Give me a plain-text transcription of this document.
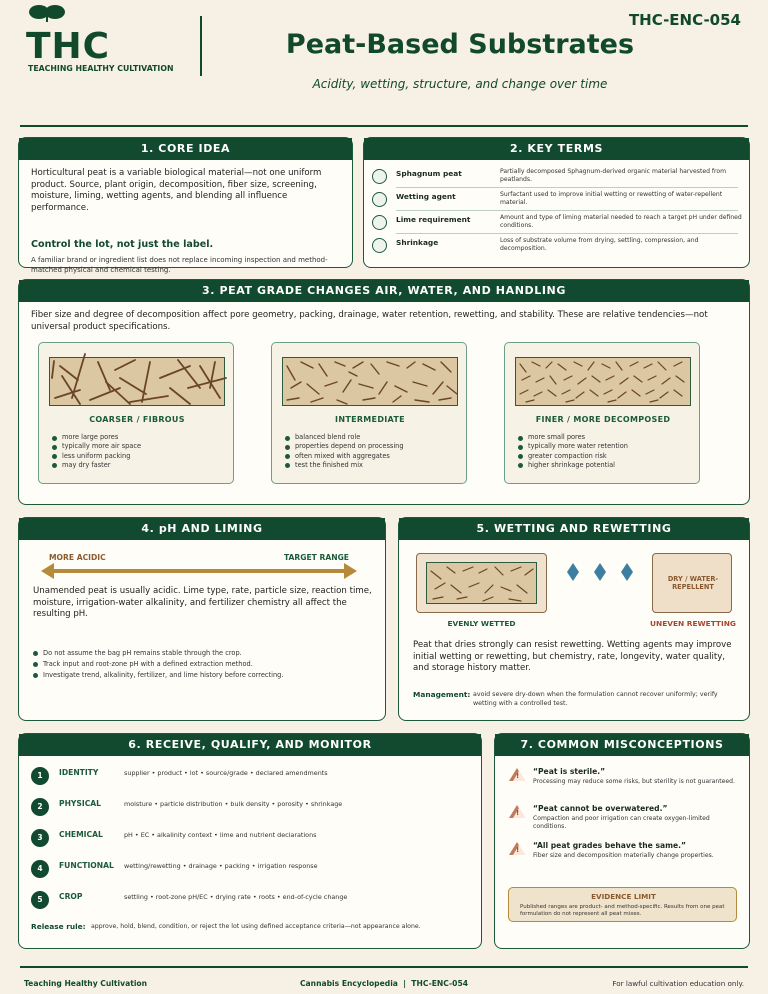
THC
TEACHING HEALTHY CULTIVATION
THC-ENC-054
Peat-Based Substrates
Acidity, wetting, structure, and change over time
1. CORE IDEA
Horticultural peat is a variable biological material—not one uniform product. Source, plant origin, decomposition, fiber size, screening, moisture, liming, wetting agents, and blending all influence performance.
Control the lot, not just the label.
A familiar brand or ingredient list does not replace incoming inspection and method-matched physical and chemical testing.
2. KEY TERMS
Sphagnum peat	Partially decomposed Sphagnum-derived organic material harvested from peatlands.
Wetting agent	Surfactant used to improve initial wetting or rewetting of water-repellent material.
Lime requirement	Amount and type of liming material needed to reach a target pH under defined conditions.
Shrinkage	Loss of substrate volume from drying, settling, compression, and decomposition.
3. PEAT GRADE CHANGES AIR, WATER, AND HANDLING
Fiber size and degree of decomposition affect pore geometry, packing, drainage, water retention, rewetting, and stability. These are relative tendencies—not universal product specifications.
COARSER / FIBROUS
more large pores
typically more air space
less uniform packing
may dry faster
INTERMEDIATE
balanced blend role
properties depend on processing
often mixed with aggregates
test the finished mix
FINER / MORE DECOMPOSED
more small pores
typically more water retention
greater compaction risk
higher shrinkage potential
4. pH AND LIMING
MORE ACIDIC	TARGET RANGE
Unamended peat is usually acidic. Lime type, rate, particle size, reaction time, moisture, irrigation-water alkalinity, and fertilizer chemistry all affect the resulting pH.
Do not assume the bag pH remains stable through the crop.
Track input and root-zone pH with a defined extraction method.
Investigate trend, alkalinity, fertilizer, and lime history before correcting.
5. WETTING AND REWETTING
DRY / WATER-REPELLENT
EVENLY WETTED	UNEVEN REWETTING
Peat that dries strongly can resist rewetting. Wetting agents may improve initial wetting or rewetting, but chemistry, rate, longevity, water quality, and storage history matter.
Management: avoid severe dry-down when the formulation cannot recover uniformly; verify wetting with a controlled test.
6. RECEIVE, QUALIFY, AND MONITOR
1	IDENTITY	supplier • product • lot • source/grade • declared amendments
2	PHYSICAL	moisture • particle distribution • bulk density • porosity • shrinkage
3	CHEMICAL	pH • EC • alkalinity context • lime and nutrient declarations
4	FUNCTIONAL wetting/rewetting • drainage • packing • irrigation response
5	CROP	settling • root-zone pH/EC • drying rate • roots • end-of-cycle change
Release rule: approve, hold, blend, condition, or reject the lot using defined acceptance criteria—not appearance alone.
7. COMMON MISCONCEPTIONS
! “Peat is sterile.”
Processing may reduce some risks, but sterility is not guaranteed.
! “Peat cannot be overwatered.”
Compaction and poor irrigation can create oxygen-limited conditions.
! “All peat grades behave the same.”
Fiber size and decomposition materially change properties.
EVIDENCE LIMIT
Published ranges are product- and method-specific. Results from one peat formulation do not represent all peat mixes.
Teaching Healthy Cultivation	Cannabis Encyclopedia  |  THC-ENC-054	For lawful cultivation education only.
